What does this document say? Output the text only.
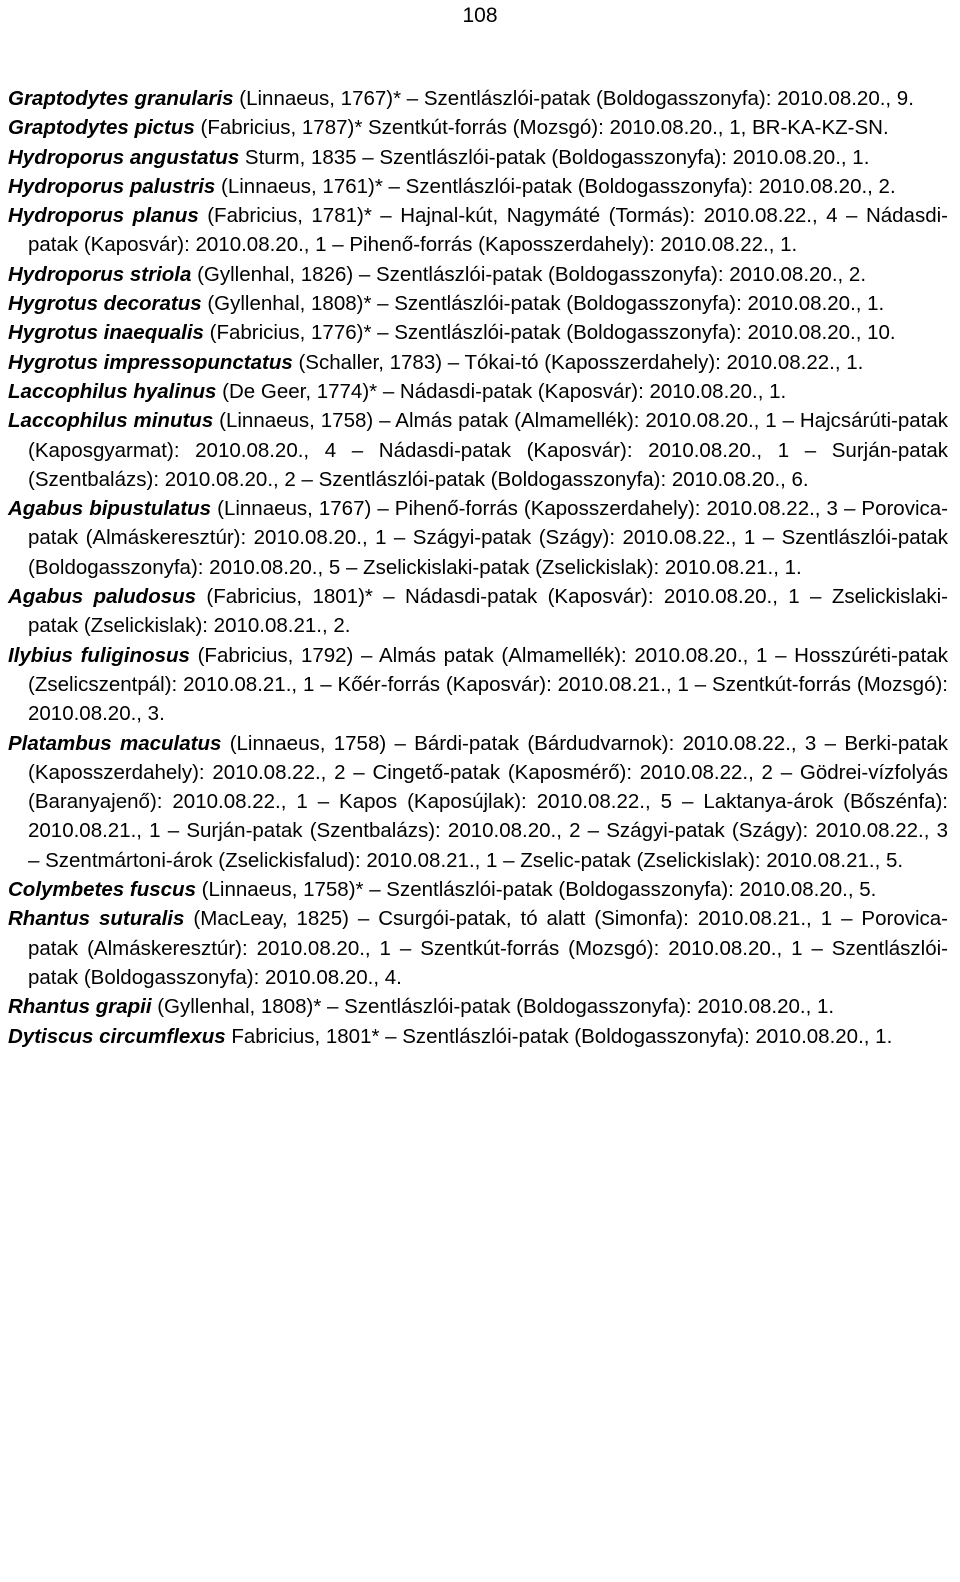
108

Graptodytes granularis (Linnaeus, 1767)* – Szentlászlói-patak (Boldogasszonyfa): 2010.08.20., 9.

Graptodytes pictus (Fabricius, 1787)* Szentkút-forrás (Mozsgó): 2010.08.20., 1, BR-KA-KZ-SN.

Hydroporus angustatus Sturm, 1835 – Szentlászlói-patak (Boldogasszonyfa): 2010.08.20., 1.

Hydroporus palustris (Linnaeus, 1761)* – Szentlászlói-patak (Boldogasszonyfa): 2010.08.20., 2.

Hydroporus planus (Fabricius, 1781)* – Hajnal-kút, Nagymáté (Tormás): 2010.08.22., 4 – Nádasdi-patak (Kaposvár): 2010.08.20., 1 – Pihenő-forrás (Kaposszerdahely): 2010.08.22., 1.

Hydroporus striola (Gyllenhal, 1826) – Szentlászlói-patak (Boldogasszonyfa): 2010.08.20., 2.

Hygrotus decoratus (Gyllenhal, 1808)* – Szentlászlói-patak (Boldogasszonyfa): 2010.08.20., 1.

Hygrotus inaequalis (Fabricius, 1776)* – Szentlászlói-patak (Boldogasszonyfa): 2010.08.20., 10.

Hygrotus impressopunctatus (Schaller, 1783) – Tókai-tó (Kaposszerdahely): 2010.08.22., 1.

Laccophilus hyalinus (De Geer, 1774)* – Nádasdi-patak (Kaposvár): 2010.08.20., 1.

Laccophilus minutus (Linnaeus, 1758) – Almás patak (Almamellék): 2010.08.20., 1 – Hajcsárúti-patak (Kaposgyarmat): 2010.08.20., 4 – Nádasdi-patak (Kaposvár): 2010.08.20., 1 – Surján-patak (Szentbalázs): 2010.08.20., 2 – Szentlászlói-patak (Boldogasszonyfa): 2010.08.20., 6.

Agabus bipustulatus (Linnaeus, 1767) – Pihenő-forrás (Kaposszerdahely): 2010.08.22., 3 – Porovica-patak (Almáskeresztúr): 2010.08.20., 1 – Szágyi-patak (Szágy): 2010.08.22., 1 – Szentlászlói-patak (Boldogasszonyfa): 2010.08.20., 5 – Zselickislaki-patak (Zselickislak): 2010.08.21., 1.

Agabus paludosus (Fabricius, 1801)* – Nádasdi-patak (Kaposvár): 2010.08.20., 1 – Zselickislaki-patak (Zselickislak): 2010.08.21., 2.

Ilybius fuliginosus (Fabricius, 1792) – Almás patak (Almamellék): 2010.08.20., 1 – Hosszúréti-patak (Zselicszentpál): 2010.08.21., 1 – Kőér-forrás (Kaposvár): 2010.08.21., 1 – Szentkút-forrás (Mozsgó): 2010.08.20., 3.

Platambus maculatus (Linnaeus, 1758) – Bárdi-patak (Bárdudvarnok): 2010.08.22., 3 – Berki-patak (Kaposszerdahely): 2010.08.22., 2 – Cingető-patak (Kaposmérő): 2010.08.22., 2 – Gödrei-vízfolyás (Baranyajenő): 2010.08.22., 1 – Kapos (Kaposújlak): 2010.08.22., 5 – Laktanya-árok (Bőszénfa): 2010.08.21., 1 – Surján-patak (Szentbalázs): 2010.08.20., 2 – Szágyi-patak (Szágy): 2010.08.22., 3 – Szentmártoni-árok (Zselickisfalud): 2010.08.21., 1 – Zselic-patak (Zselickislak): 2010.08.21., 5.

Colymbetes fuscus (Linnaeus, 1758)* – Szentlászlói-patak (Boldogasszonyfa): 2010.08.20., 5.

Rhantus suturalis (MacLeay, 1825) – Csurgói-patak, tó alatt (Simonfa): 2010.08.21., 1 – Porovica-patak (Almáskeresztúr): 2010.08.20., 1 – Szentkút-forrás (Mozsgó): 2010.08.20., 1 – Szentlászlói-patak (Boldogasszonyfa): 2010.08.20., 4.

Rhantus grapii (Gyllenhal, 1808)* – Szentlászlói-patak (Boldogasszonyfa): 2010.08.20., 1.

Dytiscus circumflexus Fabricius, 1801* – Szentlászlói-patak (Boldogasszonyfa): 2010.08.20., 1.
